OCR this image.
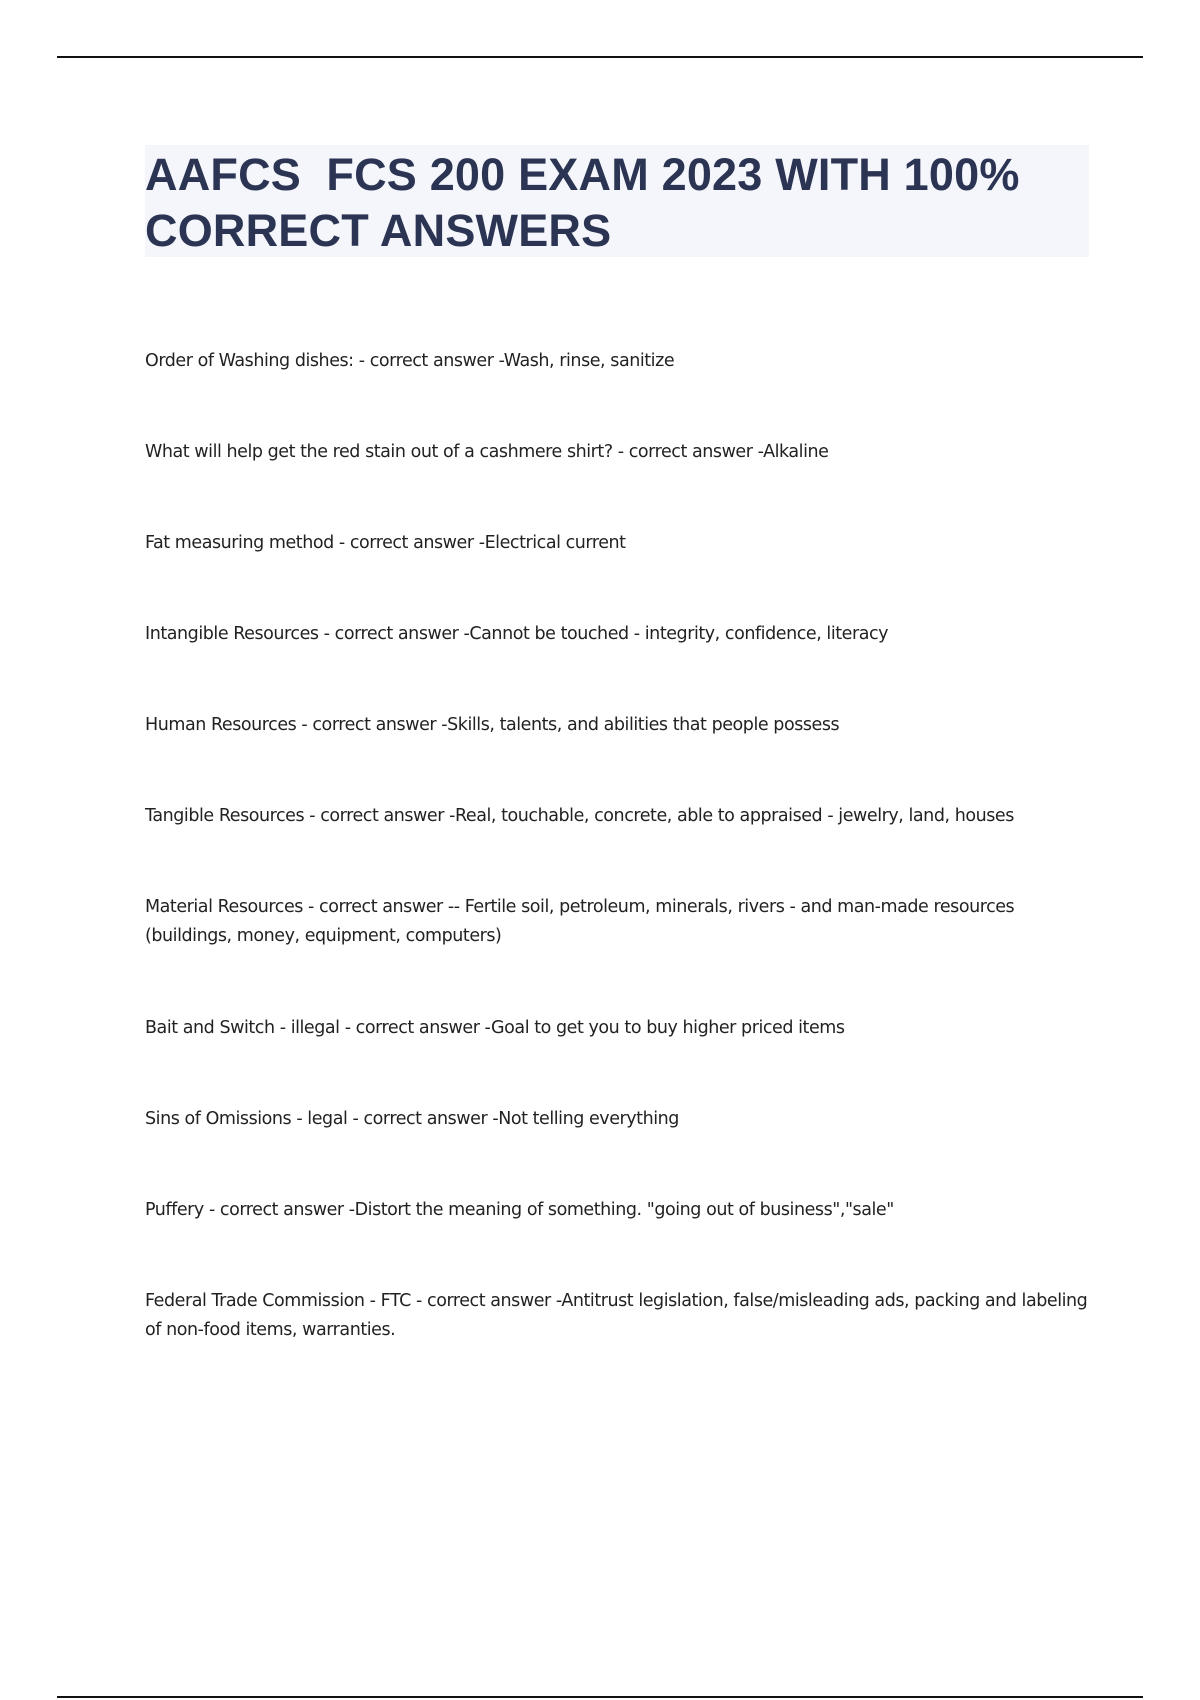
AAFCS  FCS 200 EXAM 2023 WITH 100% CORRECT ANSWERS

Order of Washing dishes: - correct answer -Wash, rinse, sanitize

What will help get the red stain out of a cashmere shirt? - correct answer -Alkaline

Fat measuring method - correct answer -Electrical current

Intangible Resources - correct answer -Cannot be touched - integrity, confidence, literacy

Human Resources - correct answer -Skills, talents, and abilities that people possess

Tangible Resources - correct answer -Real, touchable, concrete, able to appraised - jewelry, land, houses

Material Resources - correct answer -- Fertile soil, petroleum, minerals, rivers - and man-made resources (buildings, money, equipment, computers)

Bait and Switch - illegal - correct answer -Goal to get you to buy higher priced items

Sins of Omissions - legal - correct answer -Not telling everything

Puffery - correct answer -Distort the meaning of something. "going out of business","sale"

Federal Trade Commission - FTC - correct answer -Antitrust legislation, false/misleading ads, packing and labeling of non-food items, warranties.
